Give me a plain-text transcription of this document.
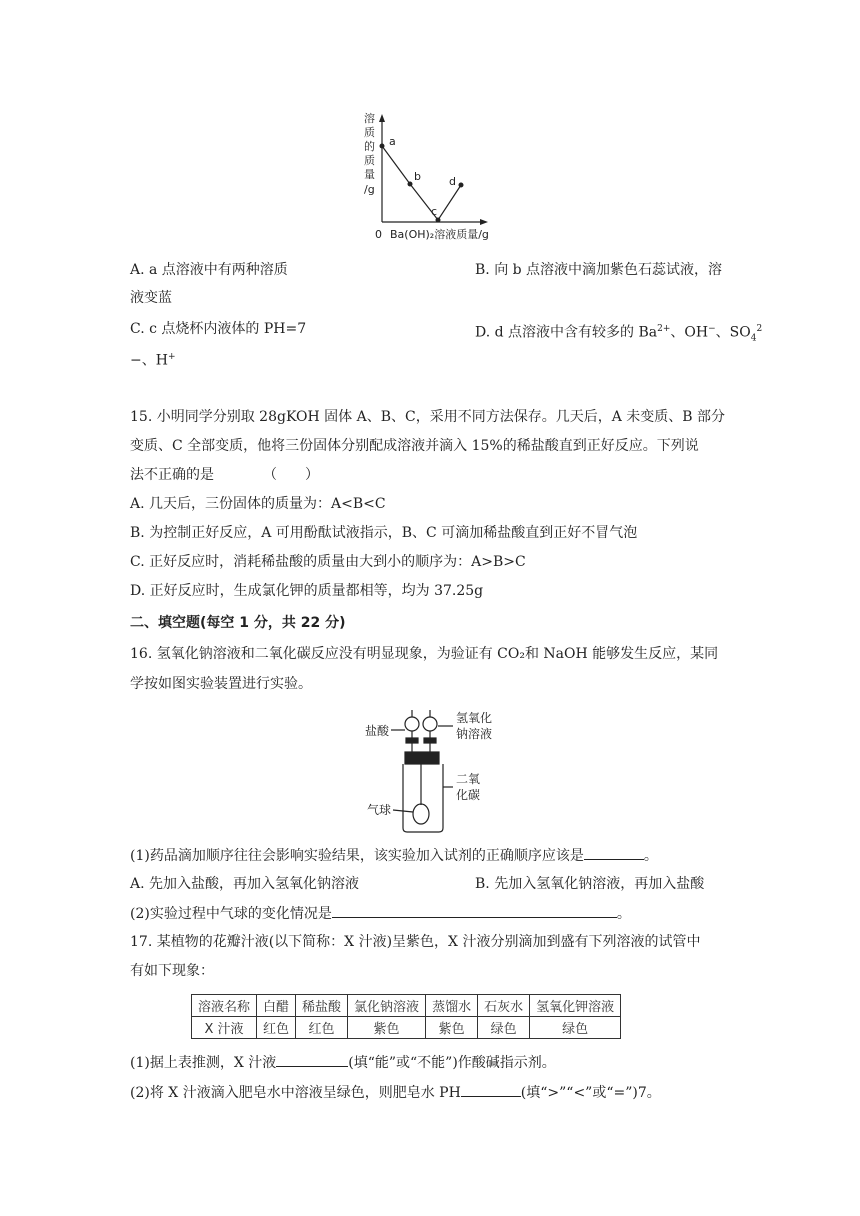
溶
质
的
质
量
/g
0 Ba(OH)₂溶液质量/g
a
b
c
d
A. a 点溶液中有两种溶质	B. 向 b 点溶液中滴加紫色石蕊试液，溶
液变蓝
C. c 点烧杯内液体的 PH=7	D. d 点溶液中含有较多的 $Ba^{2+}$、OH−、$SO_4^2$
−、H+
15. 小明同学分别取 28gKOH 固体 A、B、C，采用不同方法保存。几天后，A 未变质、B 部分
变质、C 全部变质，他将三份固体分别配成溶液并滴入 15%的稀盐酸直到正好反应。下列说
法不正确的是　　　　（　　）
A. 几天后，三份固体的质量为：A<B<C
B. 为控制正好反应，A 可用酚酞试液指示，B、C 可滴加稀盐酸直到正好不冒气泡
C. 正好反应时，消耗稀盐酸的质量由大到小的顺序为：A>B>C
D. 正好反应时，生成氯化钾的质量都相等，均为 37.25g
二、填空题(每空 1 分，共 22 分)
16. 氢氧化钠溶液和二氧化碳反应没有明显现象，为验证有 CO₂和 NaOH 能够发生反应，某同
学按如图实验装置进行实验。
盐酸
氢氧化
钠溶液
二氧
化碳
气球
(1)药品滴加顺序往往会影响实验结果，该实验加入试剂的正确顺序应该是	。
A. 先加入盐酸，再加入氢氧化钠溶液	B. 先加入氢氧化钠溶液，再加入盐酸
(2)实验过程中气球的变化情况是	。
17. 某植物的花瓣汁液(以下简称：X 汁液)呈紫色，X 汁液分别滴加到盛有下列溶液的试管中
有如下现象：
溶液名称	白醋	稀盐酸	氯化钠溶液	蒸馏水	石灰水	氢氧化钾溶液
X 汁液	红色	红色	紫色	紫色	绿色	绿色
(1)据上表推测，X 汁液	(填“能”或“不能”)作酸碱指示剂。
(2)将 X 汁液滴入肥皂水中溶液呈绿色，则肥皂水 PH	(填“>”“<”或“=”)7。
